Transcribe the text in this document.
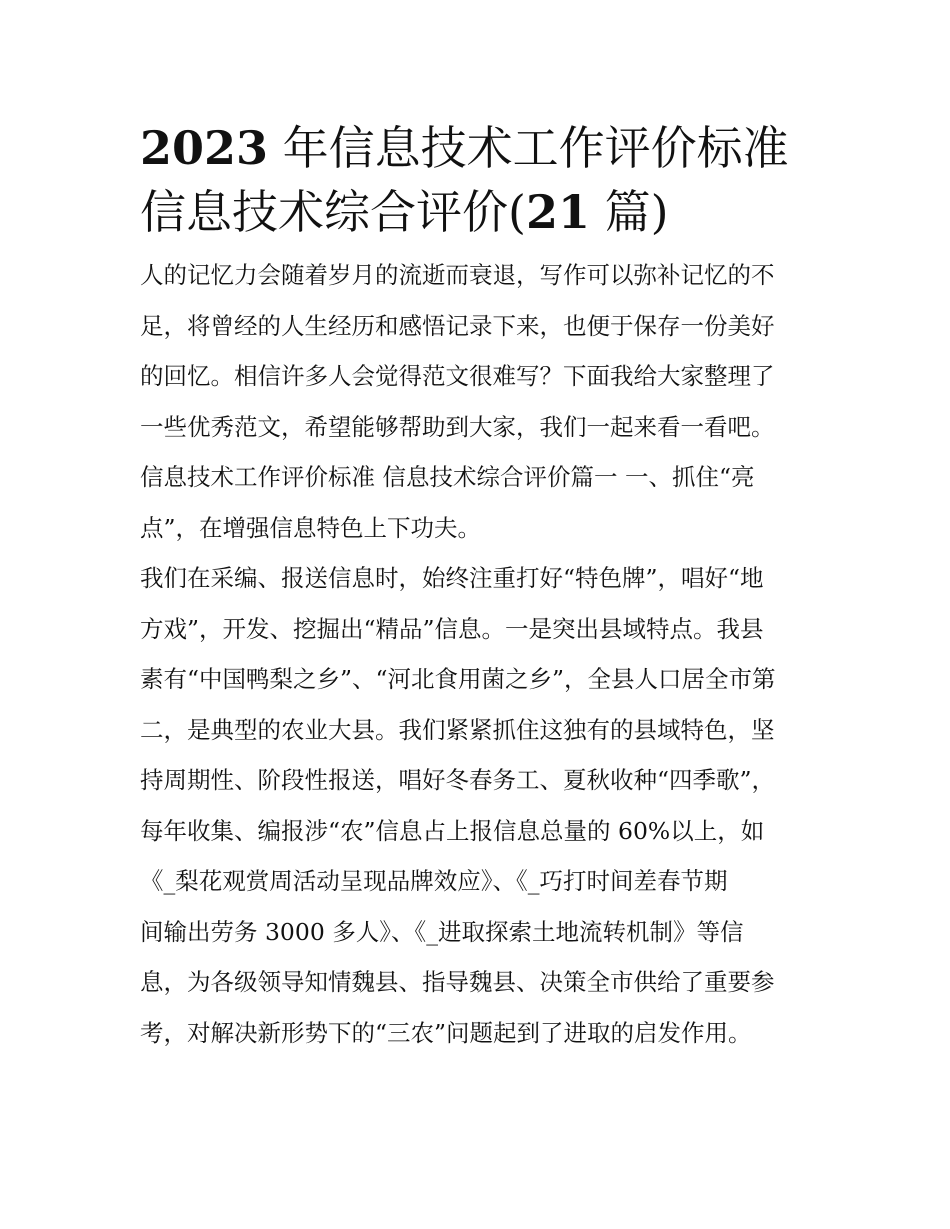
2023 年信息技术工作评价标准
信息技术综合评价(21 篇)

人的记忆力会随着岁月的流逝而衰退，写作可以弥补记忆的不

足，将曾经的人生经历和感悟记录下来，也便于保存一份美好

的回忆。相信许多人会觉得范文很难写？下面我给大家整理了

一些优秀范文，希望能够帮助到大家，我们一起来看一看吧。

信息技术工作评价标准 信息技术综合评价篇一 一、抓住“亮

点”，在增强信息特色上下功夫。

我们在采编、报送信息时，始终注重打好“特色牌”，唱好“地

方戏”，开发、挖掘出“精品”信息。一是突出县域特点。我县

素有“中国鸭梨之乡”、“河北食用菌之乡”，全县人口居全市第

二，是典型的农业大县。我们紧紧抓住这独有的县域特色，坚

持周期性、阶段性报送，唱好冬春务工、夏秋收种“四季歌”，

每年收集、编报涉“农”信息占上报信息总量的 60%以上，如

《_梨花观赏周活动呈现品牌效应》、《_巧打时间差春节期

间输出劳务 3000 多人》、《_进取探索土地流转机制》等信

息，为各级领导知情魏县、指导魏县、决策全市供给了重要参

考，对解决新形势下的“三农”问题起到了进取的启发作用。
